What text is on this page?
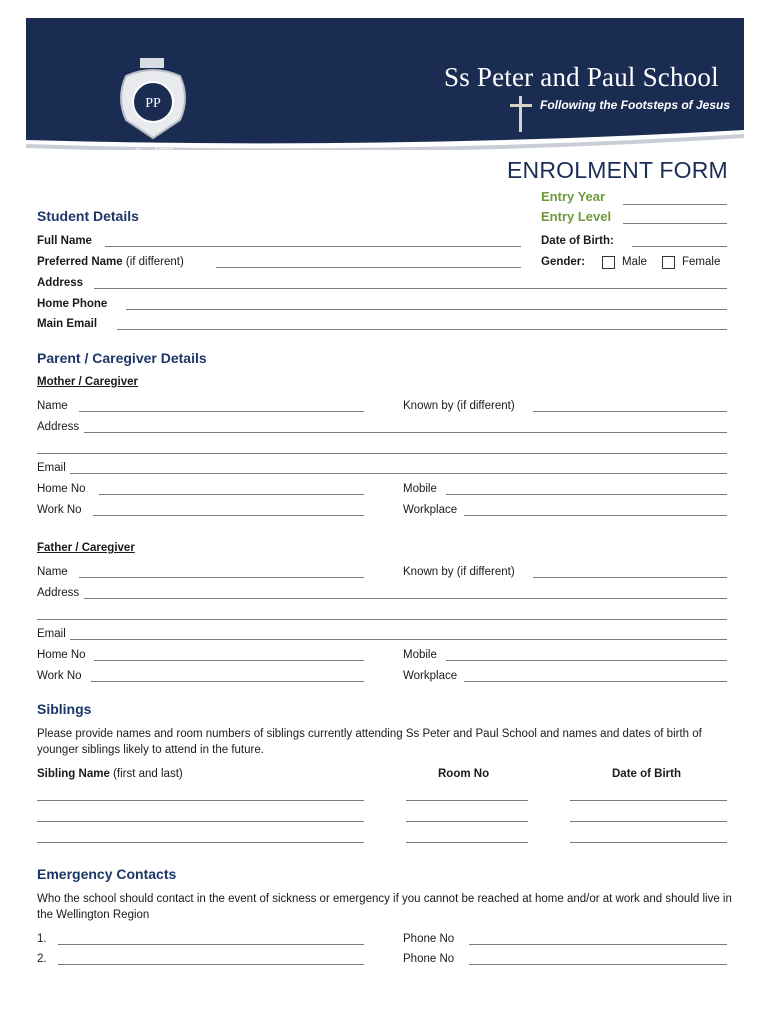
PP
Est. 1855
Ss Peter and Paul School
Following the Footsteps of Jesus
ENROLMENT FORM
Entry Year
Entry Level
Student Details
Full Name	Date of Birth:
Preferred Name (if different)	Gender:	Male	Female
Address
Home Phone
Main Email
Parent / Caregiver Details
Mother / Caregiver
Name	Known by (if different)
Address
Email
Home No	Mobile
Work No	Workplace
Father / Caregiver
Name	Known by (if different)
Address
Email
Home No	Mobile
Work No	Workplace
Siblings
Please provide names and room numbers of siblings currently attending Ss Peter and Paul School and names and dates of birth of younger siblings likely to attend in the future.
Sibling Name (first and last)	Room No	Date of Birth
Emergency Contacts
Who the school should contact in the event of sickness or emergency if you cannot be reached at home and/or at work and should live in the Wellington Region
1.	Phone No
2.	Phone No
